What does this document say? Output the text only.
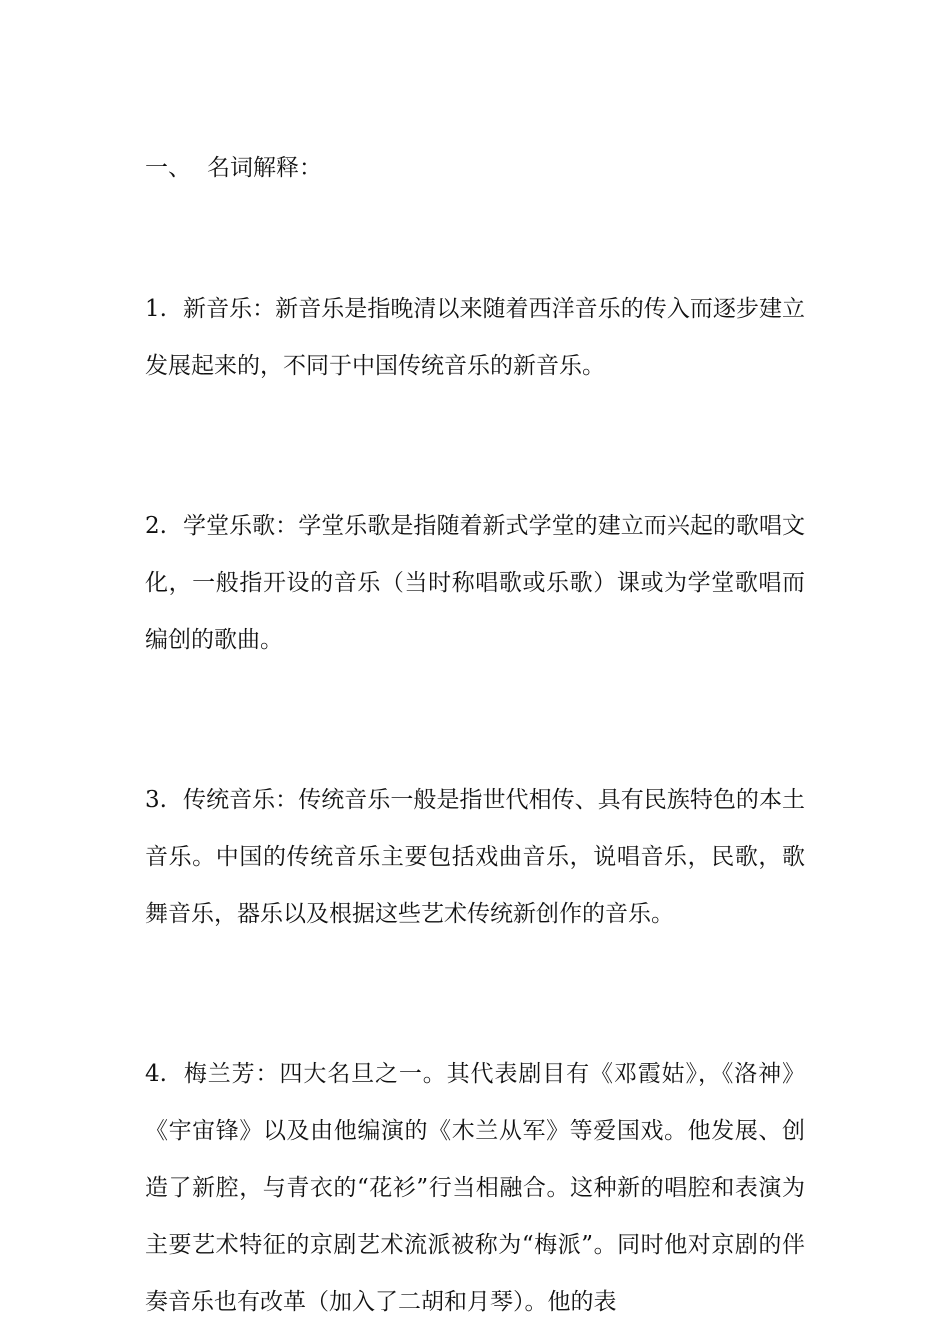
一、 名词解释：

1. 新音乐：新音乐是指晚清以来随着西洋音乐的传入而逐步建立发展起来的，不同于中国传统音乐的新音乐。

2. 学堂乐歌：学堂乐歌是指随着新式学堂的建立而兴起的歌唱文化，一般指开设的音乐（当时称唱歌或乐歌）课或为学堂歌唱而编创的歌曲。

3. 传统音乐：传统音乐一般是指世代相传、具有民族特色的本土音乐。中国的传统音乐主要包括戏曲音乐，说唱音乐，民歌，歌舞音乐，器乐以及根据这些艺术传统新创作的音乐。

4. 梅兰芳：四大名旦之一。其代表剧目有《邓霞姑》，《洛神》《宇宙锋》以及由他编演的《木兰从军》等爱国戏。他发展、创造了新腔，与青衣的“花衫”行当相融合。这种新的唱腔和表演为主要艺术特征的京剧艺术流派被称为“梅派”。同时他对京剧的伴奏音乐也有改革（加入了二胡和月琴）。他的表
